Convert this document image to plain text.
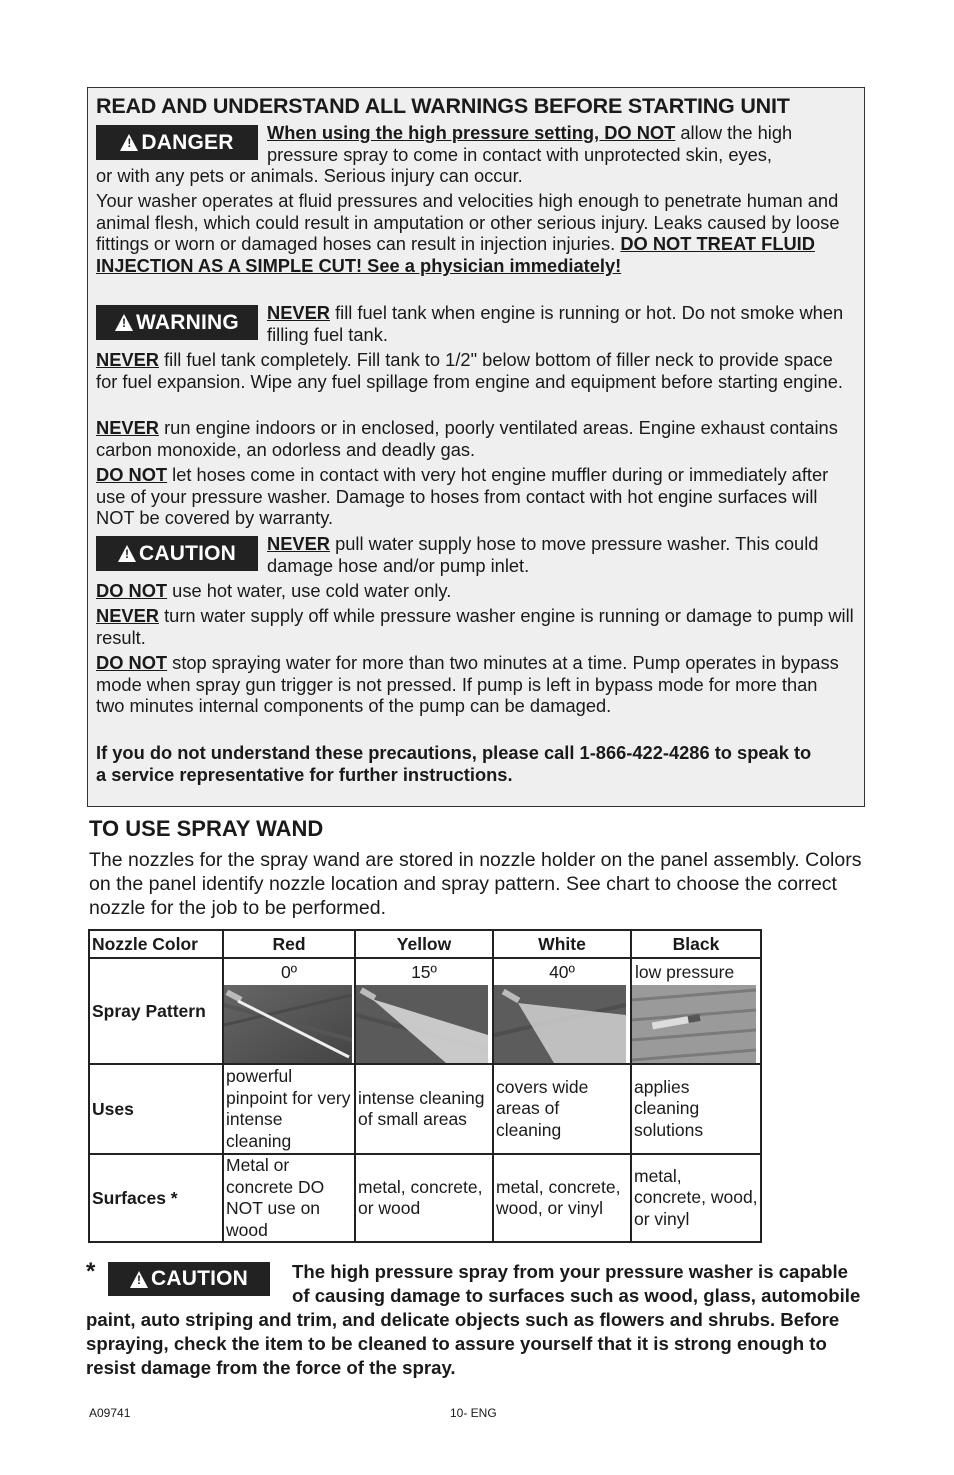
READ AND UNDERSTAND ALL WARNINGS BEFORE STARTING UNIT
! DANGER When using the high pressure setting, DO NOT allow the high pressure spray to come in contact with unprotected skin, eyes,
or with any pets or animals. Serious injury can occur.
Your washer operates at fluid pressures and velocities high enough to penetrate human and animal flesh, which could result in amputation or other serious injury. Leaks caused by loose fittings or worn or damaged hoses can result in injection injuries. DO NOT TREAT FLUID INJECTION AS A SIMPLE CUT! See a physician immediately!
! WARNING NEVER fill fuel tank when engine is running or hot. Do not smoke when filling fuel tank.
NEVER fill fuel tank completely. Fill tank to 1/2" below bottom of filler neck to provide space for fuel expansion. Wipe any fuel spillage from engine and equipment before starting engine.
NEVER run engine indoors or in enclosed, poorly ventilated areas. Engine exhaust contains carbon monoxide, an odorless and deadly gas.
DO NOT let hoses come in contact with very hot engine muffler during or immediately after use of your pressure washer. Damage to hoses from contact with hot engine surfaces will NOT be covered by warranty.
! CAUTION NEVER pull water supply hose to move pressure washer. This could damage hose and/or pump inlet.
DO NOT use hot water, use cold water only.
NEVER turn water supply off while pressure washer engine is running or damage to pump will result.
DO NOT stop spraying water for more than two minutes at a time. Pump operates in bypass mode when spray gun trigger is not pressed. If pump is left in bypass mode for more than two minutes internal components of the pump can be damaged.
If you do not understand these precautions, please call 1-866-422-4286 to speak to a service representative for further instructions.
TO USE SPRAY WAND
The nozzles for the spray wand are stored in nozzle holder on the panel assembly. Colors on the panel identify nozzle location and spray pattern. See chart to choose the correct nozzle for the job to be performed.
Nozzle Color	Red	Yellow	White	Black
Spray Pattern	0º	15º	40º	low pressure

Uses	powerful pinpoint for very intense cleaning	intense cleaning of small areas	covers wide areas of cleaning	applies cleaning solutions
Surfaces *	Metal or concrete DO NOT use on wood	metal, concrete, or wood	metal, concrete, wood, or vinyl	metal, concrete, wood, or vinyl
The high pressure spray from your pressure washer is capable of causing damage to surfaces such as wood, glass, automobile paint, auto striping and trim, and delicate objects such as flowers and shrubs. Before spraying, check the item to be cleaned to assure yourself that it is strong enough to resist damage from the force of the spray.
*	! CAUTION
A09741	10- ENG
